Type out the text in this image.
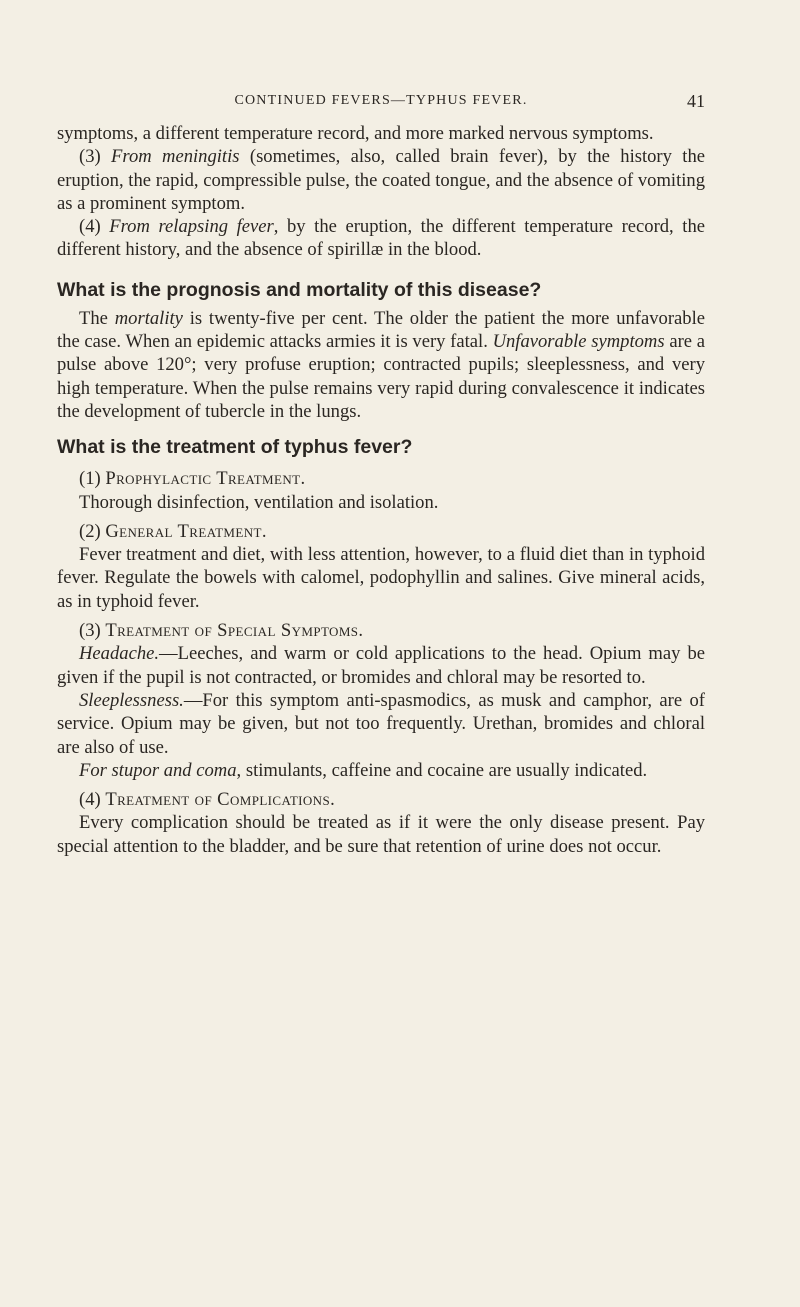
CONTINUED FEVERS—TYPHUS FEVER.	41

symptoms, a different temperature record, and more marked nervous symptoms.

(3) From meningitis (sometimes, also, called brain fever), by the history the eruption, the rapid, compressible pulse, the coated tongue, and the absence of vomiting as a prominent symptom.

(4) From relapsing fever, by the eruption, the different temperature record, the different history, and the absence of spirillæ in the blood.

What is the prognosis and mortality of this disease?

The mortality is twenty-five per cent. The older the patient the more unfavorable the case. When an epidemic attacks armies it is very fatal. Unfavorable symptoms are a pulse above 120°; very profuse eruption; contracted pupils; sleeplessness, and very high temperature. When the pulse remains very rapid during convalescence it indicates the development of tubercle in the lungs.

What is the treatment of typhus fever?

(1) Prophylactic Treatment.

Thorough disinfection, ventilation and isolation.

(2) General Treatment.

Fever treatment and diet, with less attention, however, to a fluid diet than in typhoid fever. Regulate the bowels with calomel, podophyllin and salines. Give mineral acids, as in typhoid fever.

(3) Treatment of Special Symptoms.

Headache.—Leeches, and warm or cold applications to the head. Opium may be given if the pupil is not contracted, or bromides and chloral may be resorted to.

Sleeplessness.—For this symptom anti-spasmodics, as musk and camphor, are of service. Opium may be given, but not too frequently. Urethan, bromides and chloral are also of use.

For stupor and coma, stimulants, caffeine and cocaine are usually indicated.

(4) Treatment of Complications.

Every complication should be treated as if it were the only disease present. Pay special attention to the bladder, and be sure that retention of urine does not occur.
